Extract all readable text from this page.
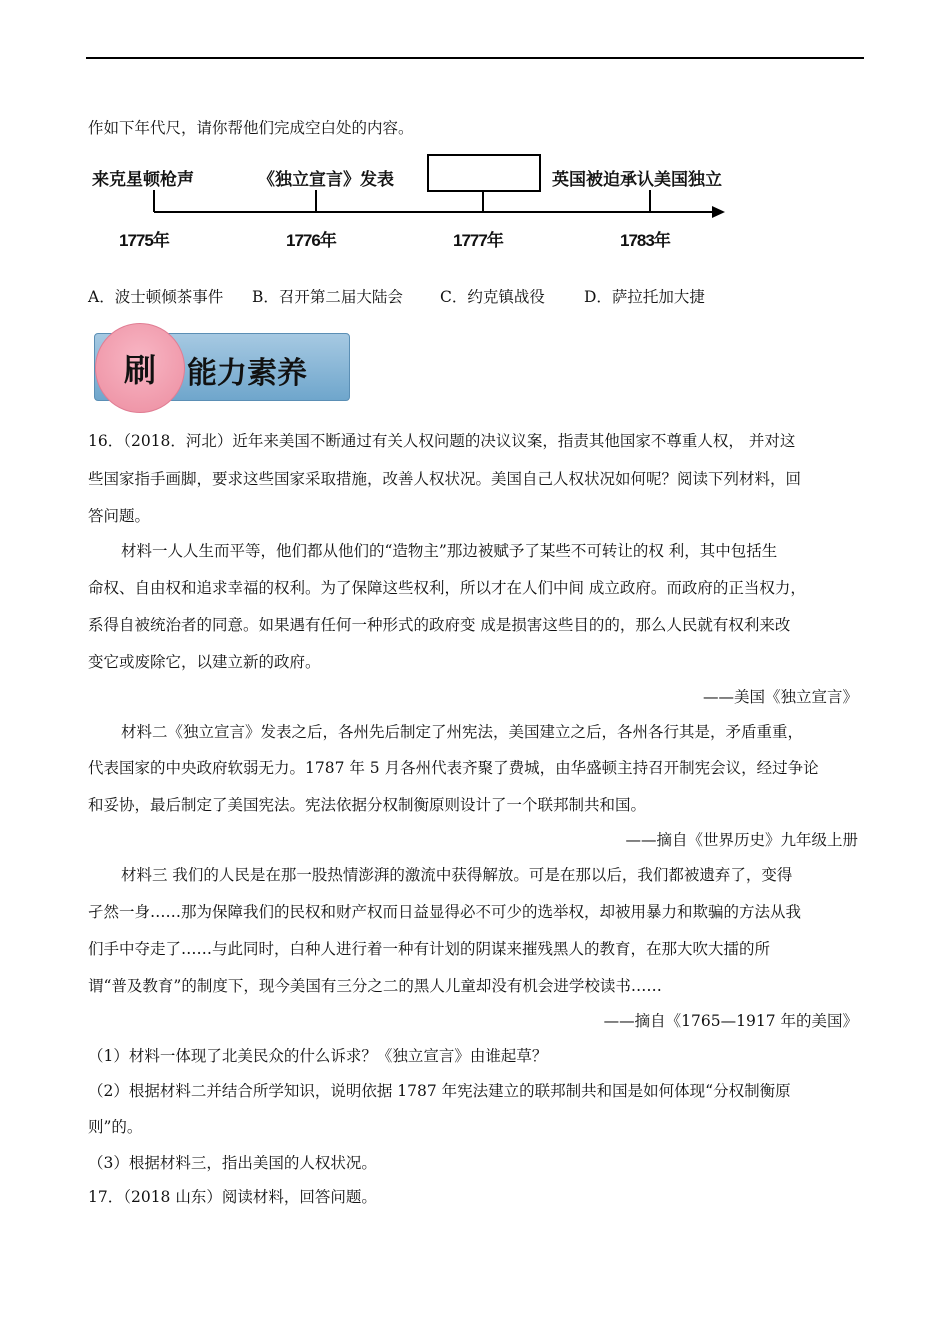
作如下年代尺，请你帮他们完成空白处的内容。
来克星顿枪声	《独立宣言》发表	英国被迫承认美国独立
1775年	1776年	1777年	1783年
A．波士顿倾茶事件 B．召开第二届大陆会 C．约克镇战役	D．萨拉托加大捷
刷	能力素养
16．（2018．河北）近年来美国不断通过有关人权问题的决议议案，指责其他国家不尊重人权， 并对这
些国家指手画脚，要求这些国家采取措施，改善人权状况。美国自己人权状况如何呢？阅读下列材料，回
答问题。
材料一人人生而平等，他们都从他们的“造物主”那边被赋予了某些不可转让的权 利，其中包括生
命权、自由权和追求幸福的权利。为了保障这些权利，所以才在人们中间 成立政府。而政府的正当权力，
系得自被统治者的同意。如果遇有任何一种形式的政府变 成是损害这些目的的，那么人民就有权利来改
变它或废除它，以建立新的政府。
——美国《独立宣言》
材料二《独立宣言》发表之后，各州先后制定了州宪法，美国建立之后，各州各行其是，矛盾重重，
代表国家的中央政府软弱无力。1787 年 5 月各州代表齐聚了费城，由华盛顿主持召开制宪会议，经过争论
和妥协，最后制定了美国宪法。宪法依据分权制衡原则设计了一个联邦制共和国。
——摘自《世界历史》九年级上册
材料三 我们的人民是在那一股热情澎湃的激流中获得解放。可是在那以后，我们都被遗弃了，变得
孑然一身……那为保障我们的民权和财产权而日益显得必不可少的选举权，却被用暴力和欺骗的方法从我
们手中夺走了……与此同时，白种人进行着一种有计划的阴谋来摧残黑人的教育，在那大吹大擂的所
谓“普及教育”的制度下，现今美国有三分之二的黑人儿童却没有机会进学校读书……
——摘自《1765—1917 年的美国》
（1）材料一体现了北美民众的什么诉求？《独立宣言》由谁起草？
（2）根据材料二并结合所学知识，说明依据 1787 年宪法建立的联邦制共和国是如何体现“分权制衡原
则”的。
（3）根据材料三，指出美国的人权状况。
17．（2018 山东）阅读材料，回答问题。
